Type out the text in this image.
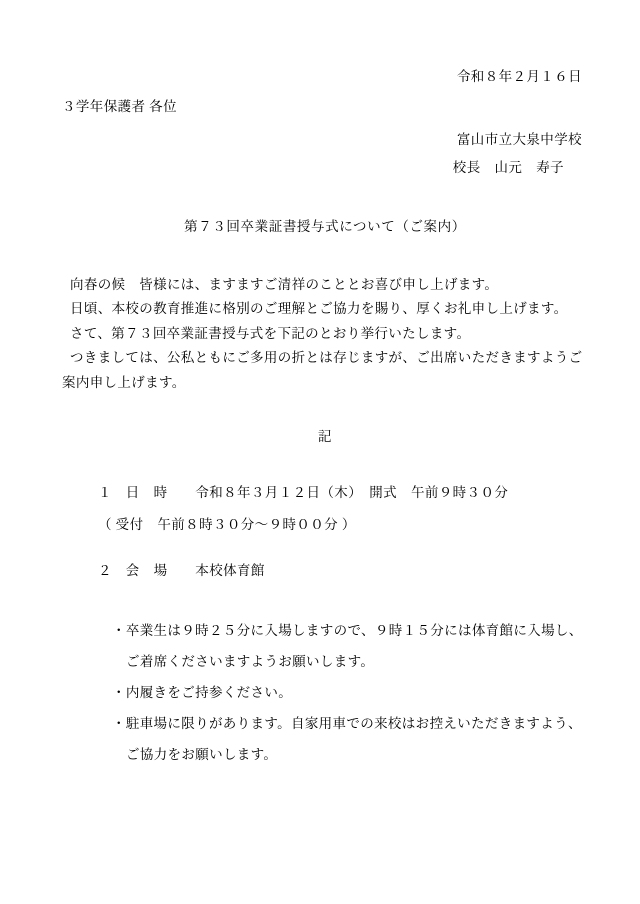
令和８年２月１６日
３学年保護者 各位
富山市立大泉中学校
校長　山元　寿子
第７３回卒業証書授与式について（ご案内）
向春の候　皆様には、ますますご清祥のこととお喜び申し上げます。
日頃、本校の教育推進に格別のご理解とご協力を賜り、厚くお礼申し上げます。
さて、第７３回卒業証書授与式を下記のとおり挙行いたします。
つきましては、公私ともにご多用の折とは存じますが、ご出席いただきますようご
案内申し上げます。
記
１　日　時　　令和８年３月１２日（木）　開式　午前９時３０分
（ 受付　午前８時３０分〜９時００分 ）
２　会　場　　本校体育館
・卒業生は９時２５分に入場しますので、９時１５分には体育館に入場し、
ご着席くださいますようお願いします。
・内履きをご持参ください。
・駐車場に限りがあります。自家用車での来校はお控えいただきますよう、
ご協力をお願いします。
